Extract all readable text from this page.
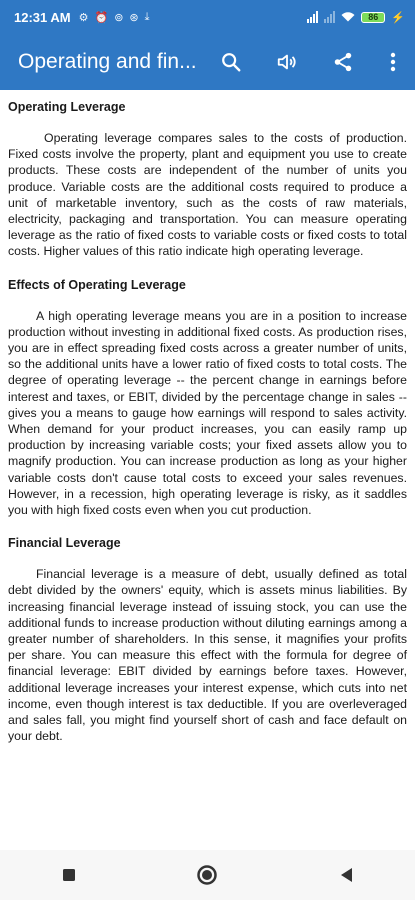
12:31 AM ⚙ ⏰ ⊚ ⊛ ⤓	86 ⚡
Operating and fin...
Operating Leverage
Operating leverage compares sales to the costs of production. Fixed costs involve the property, plant and equipment you use to create products. These costs are independent of the number of units you produce. Variable costs are the additional costs required to produce a unit of marketable inventory, such as the costs of raw materials, electricity, packaging and transportation. You can measure operating leverage as the ratio of fixed costs to variable costs or fixed costs to total costs. Higher values of this ratio indicate high operating leverage.
Effects of Operating Leverage
A high operating leverage means you are in a position to increase production without investing in additional fixed costs. As production rises, you are in effect spreading fixed costs across a greater number of units, so the additional units have a lower ratio of fixed costs to total costs. The degree of operating leverage -- the percent change in earnings before interest and taxes, or EBIT, divided by the percentage change in sales -- gives you a means to gauge how earnings will respond to sales activity. When demand for your product increases, you can easily ramp up production by increasing variable costs; your fixed assets allow you to magnify production. You can increase production as long as your higher variable costs don't cause total costs to exceed your sales revenues. However, in a recession, high operating leverage is risky, as it saddles you with high fixed costs even when you cut production.
Financial Leverage
Financial leverage is a measure of debt, usually defined as total debt divided by the owners' equity, which is assets minus liabilities. By increasing financial leverage instead of issuing stock, you can use the additional funds to increase production without diluting earnings among a greater number of shareholders. In this sense, it magnifies your profits per share. You can measure this effect with the formula for degree of financial leverage: EBIT divided by earnings before taxes. However, additional leverage increases your interest expense, which cuts into net income, even though interest is tax deductible. If you are overleveraged and sales fall, you might find yourself short of cash and face default on your debt.
